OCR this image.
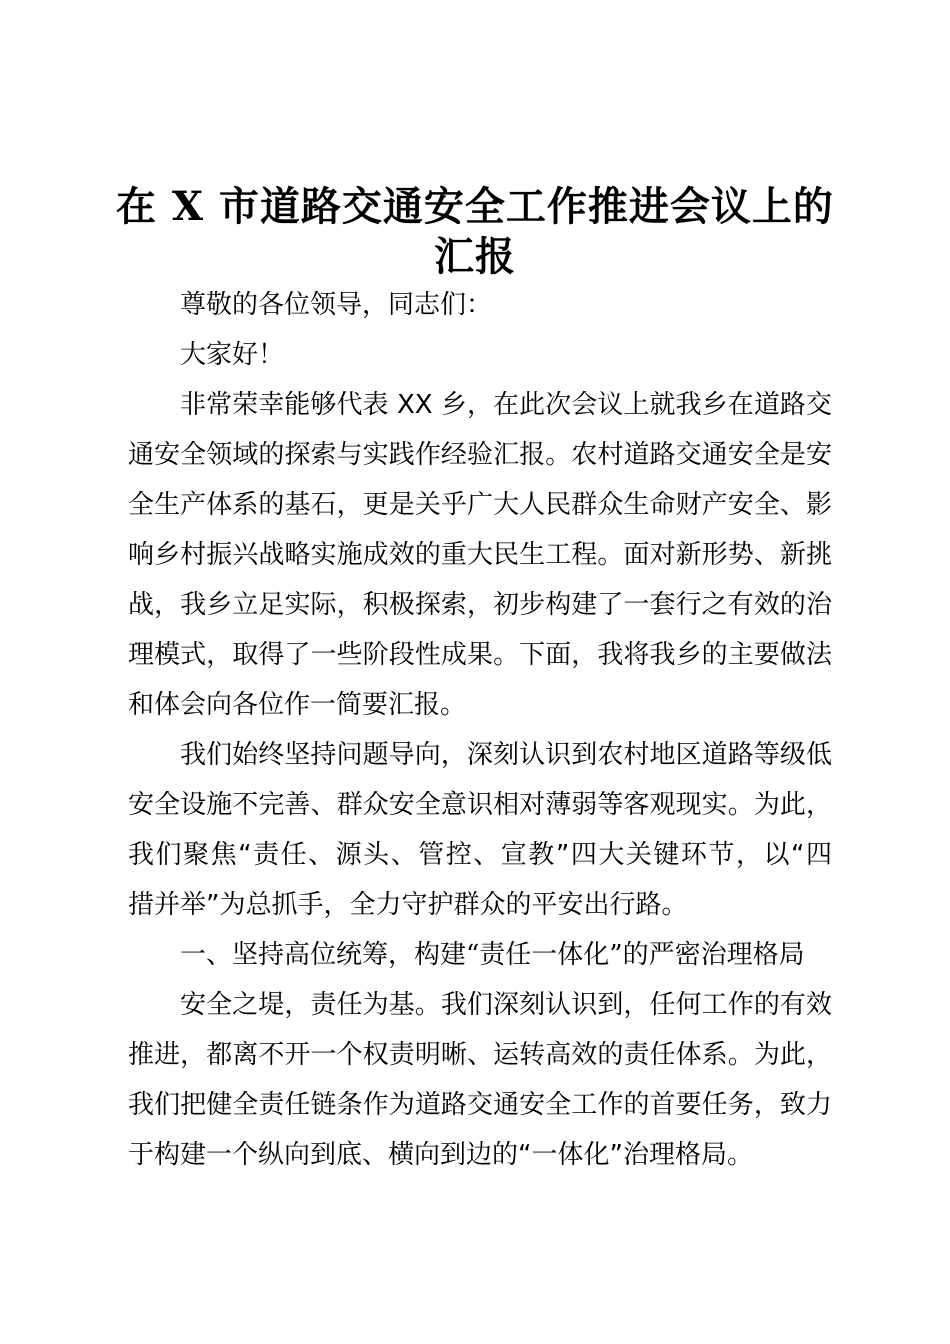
在 X 市道路交通安全工作推进会议上的
汇报
尊敬的各位领导，同志们：
大家好！
非常荣幸能够代表 XX 乡，在此次会议上就我乡在道路交
通安全领域的探索与实践作经验汇报。农村道路交通安全是安
全生产体系的基石，更是关乎广大人民群众生命财产安全、影
响乡村振兴战略实施成效的重大民生工程。面对新形势、新挑
战，我乡立足实际，积极探索，初步构建了一套行之有效的治
理模式，取得了一些阶段性成果。下面，我将我乡的主要做法
和体会向各位作一简要汇报。
我们始终坚持问题导向，深刻认识到农村地区道路等级低
安全设施不完善、群众安全意识相对薄弱等客观现实。为此，
我们聚焦“责任、源头、管控、宣教”四大关键环节，以“四
措并举”为总抓手，全力守护群众的平安出行路。
一、坚持高位统筹，构建“责任一体化”的严密治理格局
安全之堤，责任为基。我们深刻认识到，任何工作的有效
推进，都离不开一个权责明晰、运转高效的责任体系。为此，
我们把健全责任链条作为道路交通安全工作的首要任务，致力
于构建一个纵向到底、横向到边的“一体化”治理格局。
